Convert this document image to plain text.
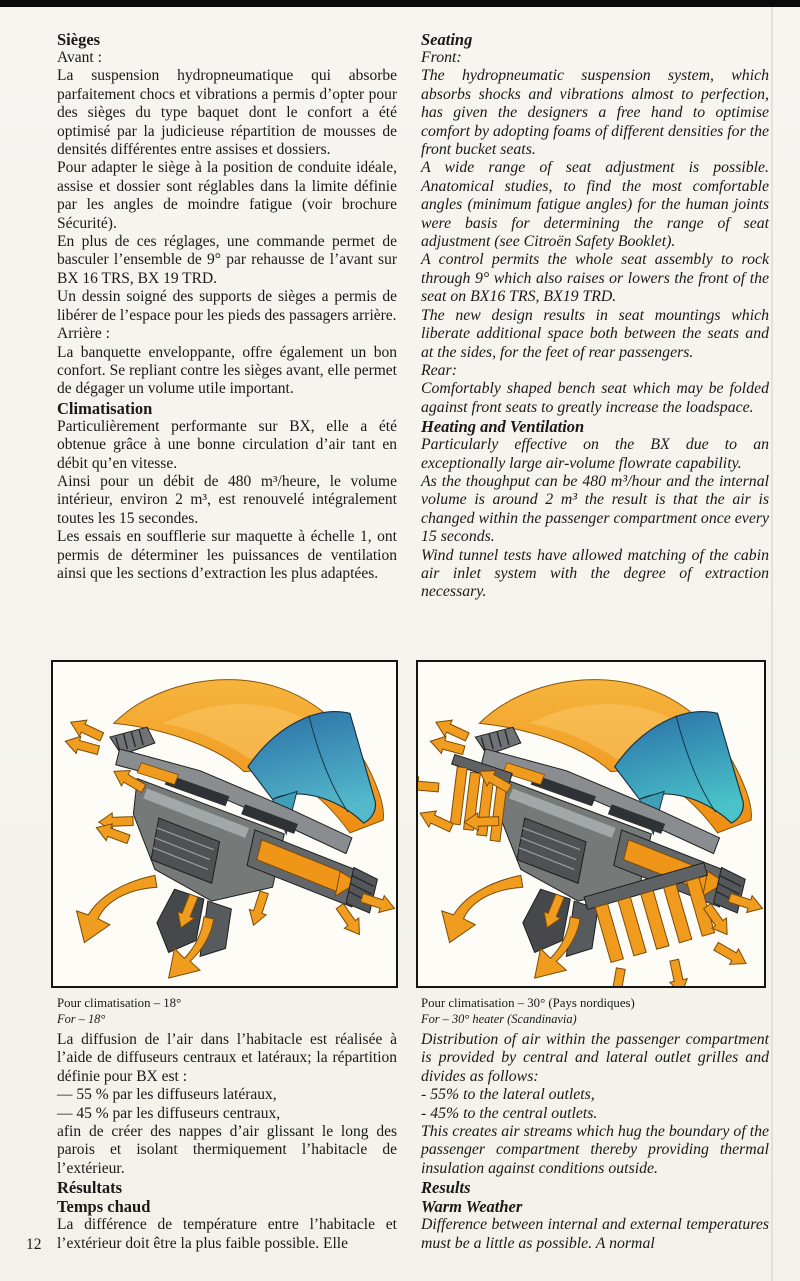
Sièges

Avant :

La suspension hydropneumatique qui absorbe parfaitement chocs et vibrations a permis d’opter pour des sièges du type baquet dont le confort a été optimisé par la judicieuse répartition de mousses de densités différentes entre assises et dossiers.

Pour adapter le siège à la position de conduite idéale, assise et dossier sont réglables dans la limite définie par les angles de moindre fatigue (voir brochure Sécurité).

En plus de ces réglages, une commande permet de basculer l’ensemble de 9° par rehausse de l’avant sur BX 16 TRS, BX 19 TRD.

Un dessin soigné des supports de sièges a permis de libérer de l’espace pour les pieds des passagers arrière.

Arrière :

La banquette enveloppante, offre également un bon confort. Se repliant contre les sièges avant, elle permet de dégager un volume utile important.

Climatisation

Particulièrement performante sur BX, elle a été obtenue grâce à une bonne circulation d’air tant en débit qu’en vitesse.

Ainsi pour un débit de 480 m³/heure, le volume intérieur, environ 2 m³, est renouvelé intégralement toutes les 15 secondes.

Les essais en soufflerie sur maquette à échelle 1, ont permis de déterminer les puissances de ventilation ainsi que les sections d’extraction les plus adaptées.

Pour climatisation – 18°

For – 18°

La diffusion de l’air dans l’habitacle est réalisée à l’aide de diffuseurs centraux et latéraux; la répartition définie pour BX est :

— 55 % par les diffuseurs latéraux,

— 45 % par les diffuseurs centraux,

afin de créer des nappes d’air glissant le long des parois et isolant thermiquement l’habitacle de l’extérieur.

Résultats
Temps chaud

La différence de température entre l’habitacle et l’extérieur doit être la plus faible possible. Elle

Seating

Front:

The hydropneumatic suspension system, which absorbs shocks and vibrations almost to perfection, has given the designers a free hand to optimise comfort by adopting foams of different densities for the front bucket seats.

A wide range of seat adjustment is possible. Anatomical studies, to find the most comfortable angles (minimum fatigue angles) for the human joints were basis for determining the range of seat adjustment (see Citroën Safety Booklet).

A control permits the whole seat assembly to rock through 9° which also raises or lowers the front of the seat on BX16 TRS, BX19 TRD.

The new design results in seat mountings which liberate additional space both between the seats and at the sides, for the feet of rear passengers.

Rear:

Comfortably shaped bench seat which may be folded against front seats to greatly increase the loadspace.

Heating and Ventilation

Particularly effective on the BX due to an exceptionally large air-volume flowrate capability.

As the thoughput can be 480 m³/hour and the internal volume is around 2 m³ the result is that the air is changed within the passenger compartment once every 15 seconds.

Wind tunnel tests have allowed matching of the cabin air inlet system with the degree of extraction necessary.

Pour climatisation – 30° (Pays nordiques)

For – 30° heater (Scandinavia)

Distribution of air within the passenger compartment is provided by central and lateral outlet grilles and divides as follows:

- 55% to the lateral outlets,

- 45% to the central outlets.

This creates air streams which hug the boundary of the passenger compartment thereby providing thermal insulation against conditions outside.

Results
Warm Weather

Difference between internal and external temperatures must be a little as possible. A normal

12
